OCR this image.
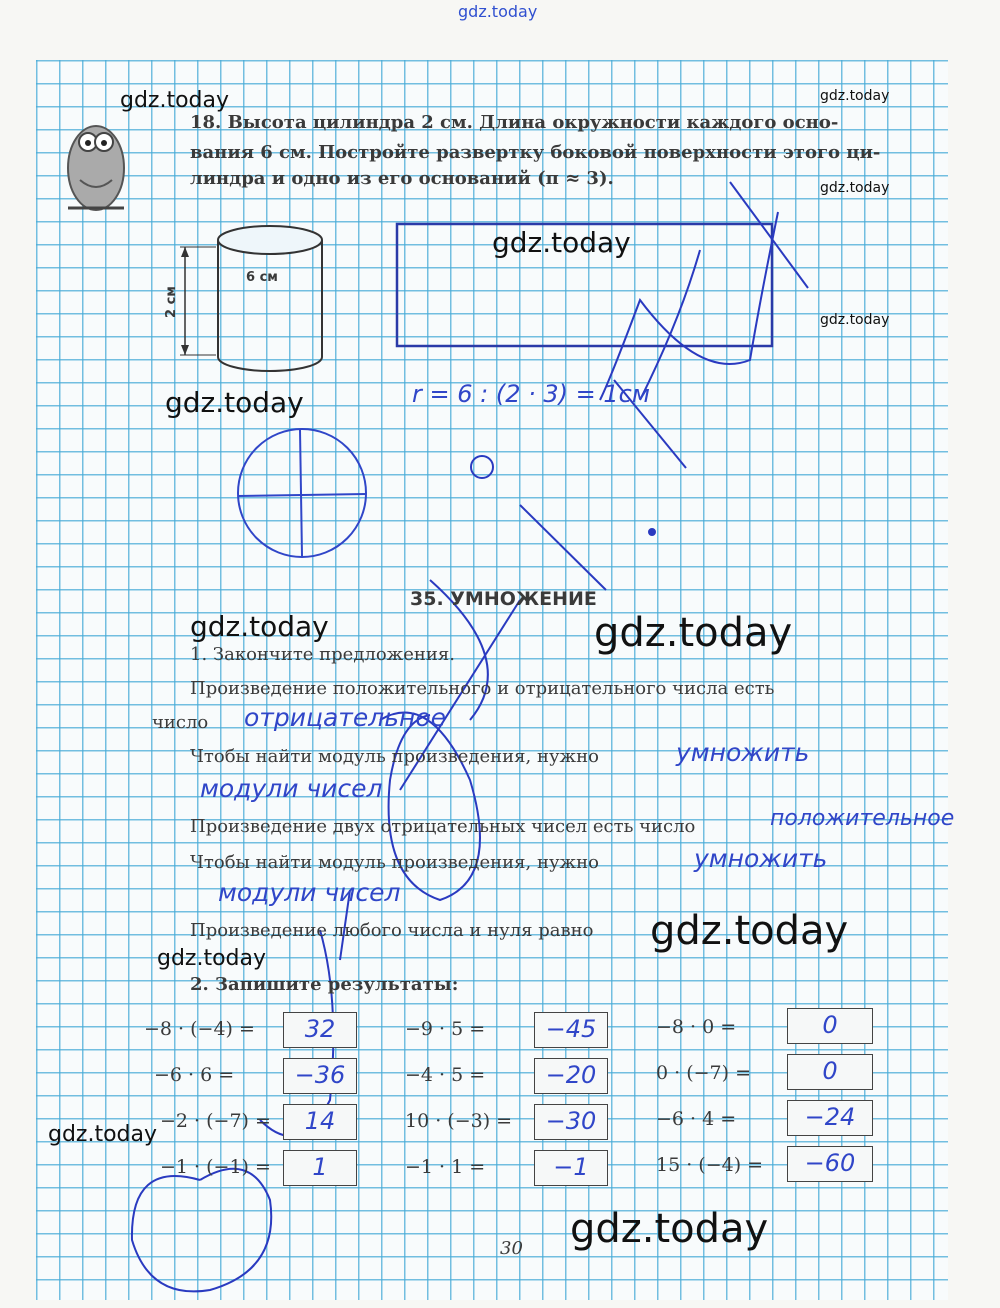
gdz.today
18. Высота цилиндра 2 см. Длина окружности каждого осно-
вания 6 см. Постройте развертку боковой поверхности этого ци-
линдра и одно из его оснований (π ≈ 3).
6 см
2 см
r = 6 : (2 · 3) = 1см
35. УМНОЖЕНИЕ
1. Закончите предложения.
Произведение положительного и отрицательного числа есть
число отрицательное
Чтобы найти модуль произведения, нужно	умножить
модули чисел
Произведение двух отрицательных чисел есть число	положительное
Чтобы найти модуль произведения, нужно	умножить
модули чисел
Произведение любого числа и нуля равно
2. Запишите результаты:
−8 · (−4) =	32
−6 · 6 =	−36
−2 · (−7) =	14
−1 · (−1) =	1
−9 · 5 =	−45
−4 · 5 =	−20
10 · (−3) =	−30
−1 · 1 =	−1
−8 · 0 =	0
0 · (−7) =	0
−6 · 4 =	−24
15 · (−4) =	−60
30
gdz.today	gdz.today
gdz.today
gdz.today
gdz.today
gdz.today
gdz.today	gdz.today
gdz.today
gdz.today
gdz.today
gdz.today
